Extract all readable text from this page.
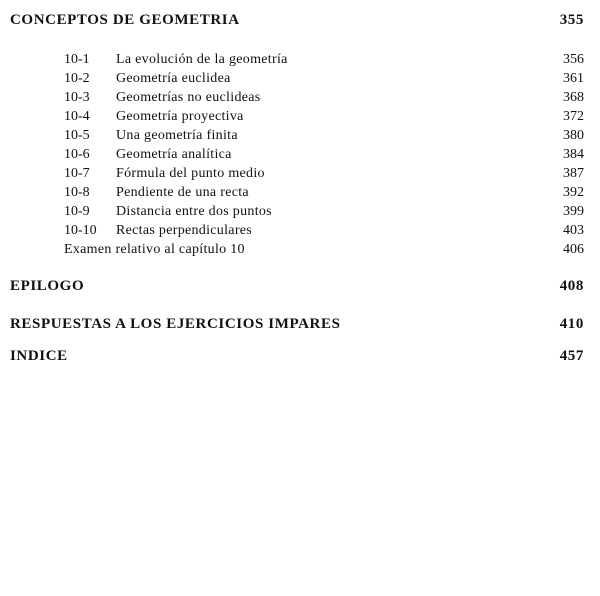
CONCEPTOS DE GEOMETRIA	355
10-1 La evolución de la geometría	356
10-2 Geometría euclidea	361
10-3 Geometrías no euclideas	368
10-4 Geometría proyectiva	372
10-5 Una geometría finita	380
10-6 Geometría analítica	384
10-7 Fórmula del punto medio	387
10-8 Pendiente de una recta	392
10-9 Distancia entre dos puntos	399
10-10 Rectas perpendiculares	403
Examen relativo al capítulo 10	406
EPILOGO	408
RESPUESTAS A LOS EJERCICIOS IMPARES	410
INDICE	457
